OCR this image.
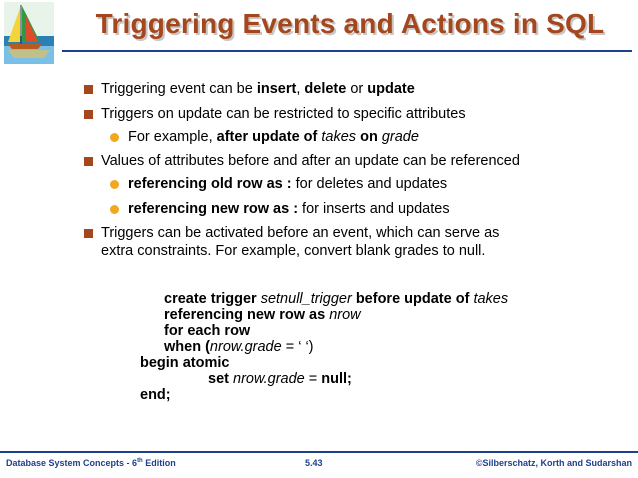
Triggering Events and Actions in SQL
Triggering event can be insert, delete or update
Triggers on update can be restricted to specific attributes
For example, after update of takes on grade
Values of attributes before and after an update can be referenced
referencing old row as : for deletes and updates
referencing new row as : for inserts and updates
Triggers can be activated before an event, which can serve as
extra constraints. For example, convert blank grades to null.
create trigger setnull_trigger before update of takes
referencing new row as nrow
for each row
when (nrow.grade = ‘ ‘)
begin atomic
set nrow.grade = null;
end;
Database System Concepts - 6th Edition	5.43	©Silberschatz, Korth and Sudarshan
